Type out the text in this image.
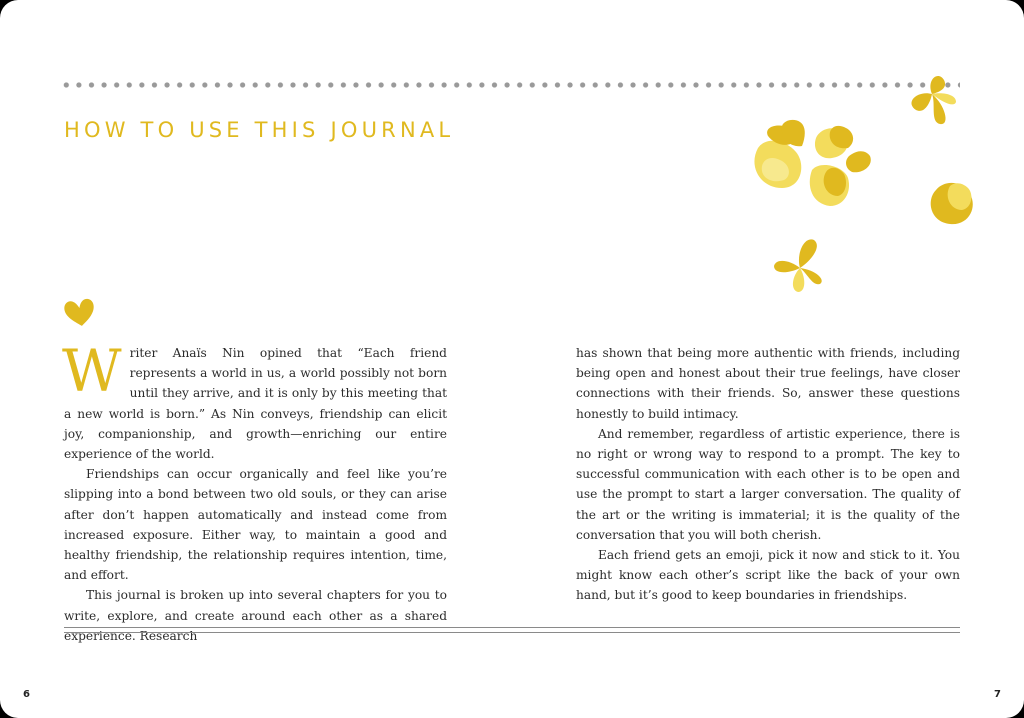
HOW TO USE THIS JOURNAL

Writer Anaïs Nin opined that “Each friend represents a world in us, a world possibly not born until they arrive, and it is only by this meeting that a new world is born.” As Nin conveys, friendship can elicit joy, companionship, and growth—enriching our entire experience of the world.

Friendships can occur organically and feel like you’re slipping into a bond between two old souls, or they can arise after don’t happen automatically and instead come from increased exposure. Either way, to maintain a good and healthy friendship, the relationship requires intention, time, and effort.

This journal is broken up into several chapters for you to write, explore, and create around each other as a shared experience. Research

has shown that being more authentic with friends, including being open and honest about their true feelings, have closer connections with their friends. So, answer these questions honestly to build intimacy.

And remember, regardless of artistic experience, there is no right or wrong way to respond to a prompt. The key to successful communication with each other is to be open and use the prompt to start a larger conversation. The quality of the art or the writing is immaterial; it is the quality of the conversation that you will both cherish.

Each friend gets an emoji, pick it now and stick to it. You might know each other’s script like the back of your own hand, but it’s good to keep boundaries in friendships.

6	7
